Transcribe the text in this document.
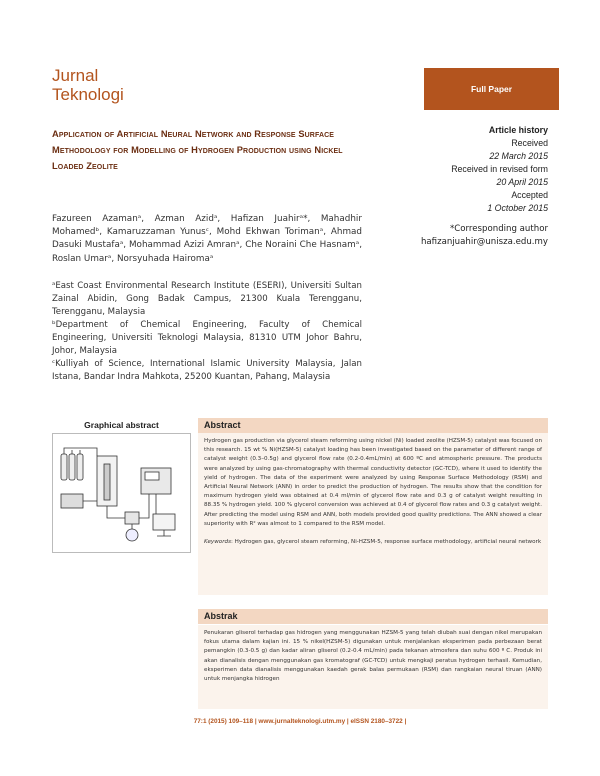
Jurnal
Teknologi	Full Paper
Application of Artificial Neural Network and Response Surface Methodology for Modelling of Hydrogen Production using Nickel Loaded Zeolite
Article history
Received
22 March 2015
Received in revised form
20 April 2015
Accepted
1 October 2015
*Corresponding author
hafizanjuahir@unisza.edu.my
Fazureen Azamanᵃ, Azman Azidᵃ, Hafizan Juahirᵃ*, Mahadhir Mohamedᵇ, Kamaruzzaman Yunusᶜ, Mohd Ekhwan Torimanᵃ, Ahmad Dasuki Mustafaᵃ, Mohammad Azizi Amranᵃ, Che Noraini Che Hasnamᵃ, Roslan Umarᵃ, Norsyuhada Hairomaᵃ

ᵃEast Coast Environmental Research Institute (ESERI), Universiti Sultan Zainal Abidin, Gong Badak Campus, 21300 Kuala Terengganu, Terengganu, Malaysia

ᵇDepartment of Chemical Engineering, Faculty of Chemical Engineering, Universiti Teknologi Malaysia, 81310 UTM Johor Bahru, Johor, Malaysia

ᶜKulliyah of Science, International Islamic University Malaysia, Jalan Istana, Bandar Indra Mahkota, 25200 Kuantan, Pahang, Malaysia

Graphical abstract	Abstract

Hydrogen gas production via glycerol steam reforming using nickel (Ni) loaded zeolite (HZSM-5) catalyst was focused on this research. 15 wt % Ni(HZSM-5) catalyst loading has been investigated based on the parameter of different range of catalyst weight (0.3–0.5g) and glycerol flow rate (0.2-0.4mL/min) at 600 ºC and atmospheric pressure. The products were analyzed by using gas-chromatography with thermal conductivity detector (GC-TCD), where it used to identify the yield of hydrogen. The data of the experiment were analyzed by using Response Surface Methodology (RSM) and Artificial Neural Network (ANN) in order to predict the production of hydrogen. The results show that the condition for maximum hydrogen yield was obtained at 0.4 ml/min of glycerol flow rate and 0.3 g of catalyst weight resulting in 88.35 % hydrogen yield. 100 % glycerol conversion was achieved at 0.4 of glycerol flow rates and 0.3 g catalyst weight. After predicting the model using RSM and ANN, both models provided good quality predictions. The ANN showed a clear superiority with R² was almost to 1 compared to the RSM model.

Keywords: Hydrogen gas, glycerol steam reforming, Ni-HZSM-5, response surface methodology, artificial neural network

Abstrak

Penukaran gliserol terhadap gas hidrogen yang menggunakan HZSM-5 yang telah diubah suai dengan nikel merupakan fokus utama dalam kajian ini. 15 % nikel(HZSM-5) digunakan untuk menjalankan eksperimen pada perbezaan berat pemangkin (0.3-0.5 g) dan kadar aliran gliserol (0.2-0.4 mL/min) pada tekanan atmosfera dan suhu 600 º C. Produk ini akan dianalisis dengan menggunakan gas kromatograf (GC-TCD) untuk mengkaji peratus hydrogen terhasil. Kemudian, eksperimen data dianalisis menggunakan kaedah gerak balas permukaan (RSM) dan rangkaian neural tiruan (ANN) untuk menjangka hidrogen

77:1 (2015) 109–118 | www.jurnalteknologi.utm.my | eISSN 2180–3722 |
